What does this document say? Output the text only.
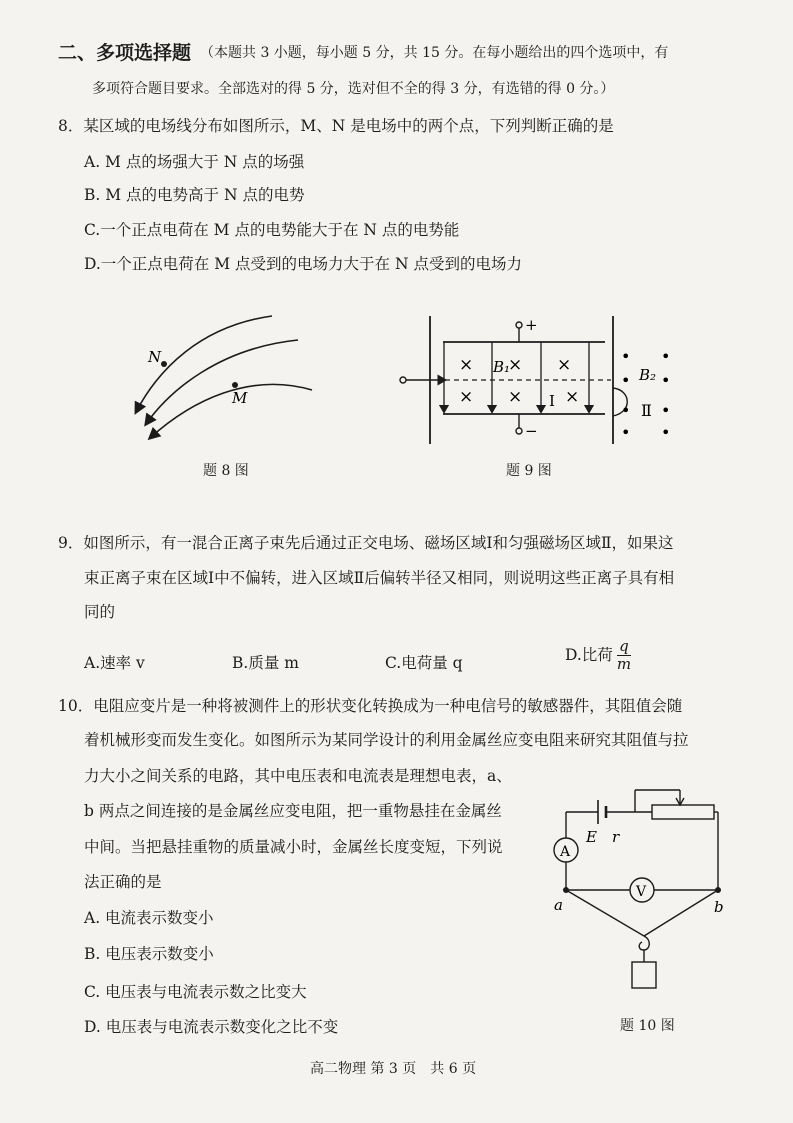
二、多项选择题 （本题共 3 小题，每小题 5 分，共 15 分。在每小题给出的四个选项中，有
多项符合题目要求。全部选对的得 5 分，选对但不全的得 3 分，有选错的得 0 分。）
8．某区域的电场线分布如图所示，M、N 是电场中的两个点，下列判断正确的是
A. M 点的场强大于 N 点的场强
B. M 点的电势高于 N 点的电势
C.一个正点电荷在 M 点的电势能大于在 N 点的电势能
D.一个正点电荷在 M 点受到的电场力大于在 N 点受到的电场力
N
M
题 8 图
+
−
× × ×
× ×	×
B₁
I
•
•
•
•
•
•
•
•
B₂
Ⅱ
题 9 图
9．如图所示，有一混合正离子束先后通过正交电场、磁场区域Ⅰ和匀强磁场区域Ⅱ，如果这
束正离子束在区域Ⅰ中不偏转，进入区域Ⅱ后偏转半径又相同，则说明这些正离子具有相
同的
A.速率 v	B.质量 m	C.电荷量 q	D.比荷 $\frac{q}{m}$
10．电阻应变片是一种将被测件上的形状变化转换成为一种电信号的敏感器件，其阻值会随
着机械形变而发生变化。如图所示为某同学设计的利用金属丝应变电阻来研究其阻值与拉
力大小之间关系的电路，其中电压表和电流表是理想电表，a、
b 两点之间连接的是金属丝应变电阻，把一重物悬挂在金属丝
中间。当把悬挂重物的质量减小时，金属丝长度变短，下列说
法正确的是
A. 电流表示数变小
B. 电压表示数变小
C. 电压表与电流表示数之比变大
D. 电压表与电流表示数变化之比不变
E r
A
V
a	b
题 10 图
高二物理 第 3 页　共 6 页
